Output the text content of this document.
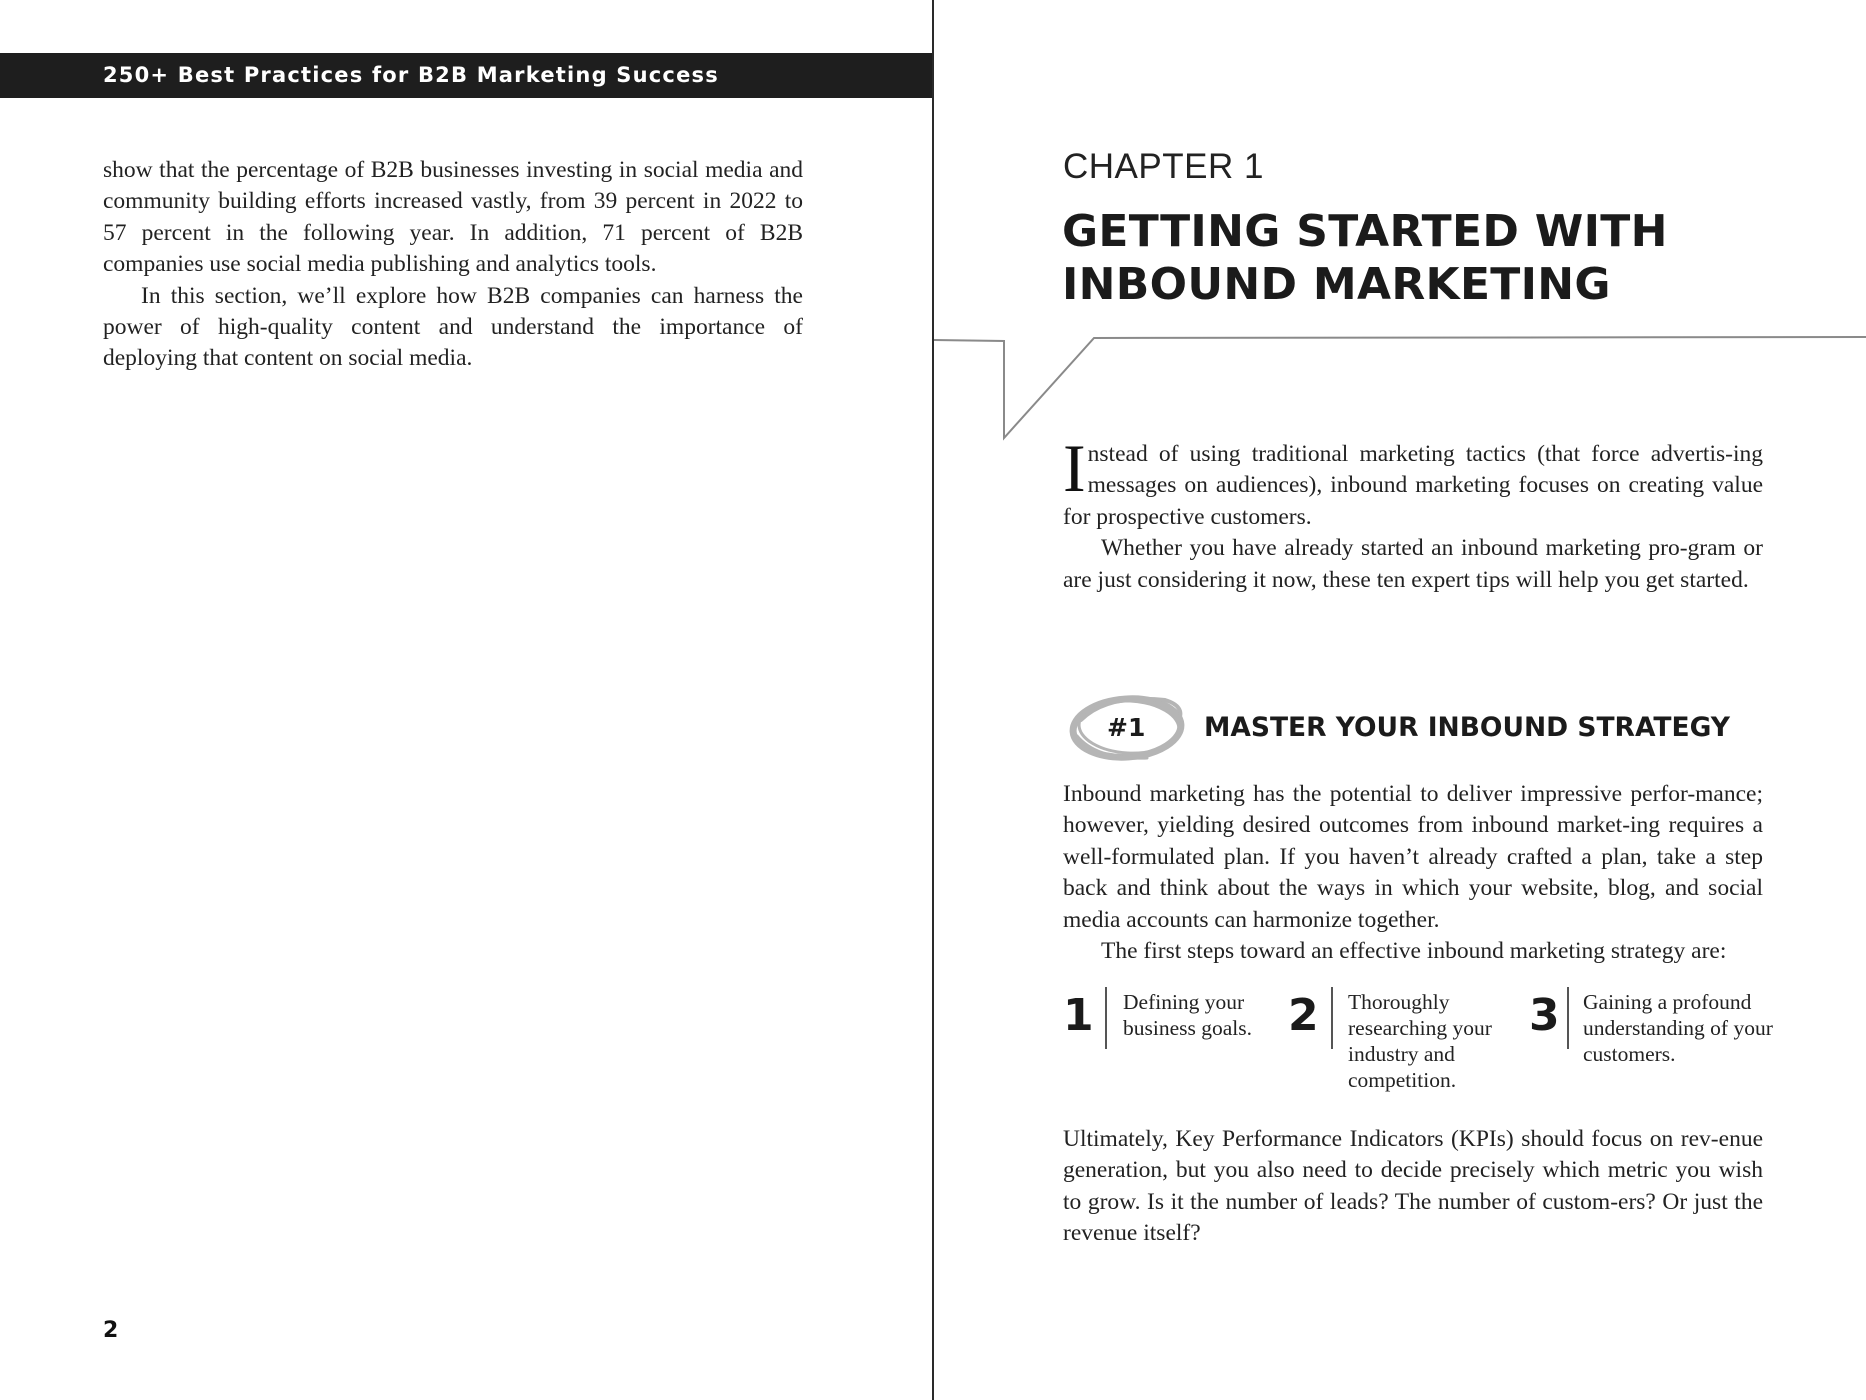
250+ Best Practices for B2B Marketing Success

show that the percentage of B2B businesses investing in social media and community building efforts increased vastly, from 39 percent in 2022 to 57 percent in the following year. In addition, 71 percent of B2B companies use social media publishing and analytics tools.

In this section, we’ll explore how B2B companies can harness the power of high-quality content and understand the importance of deploying that content on social media.

2
CHAPTER 1
GETTING STARTED WITH INBOUND MARKETING

Instead of using traditional marketing tactics (that force advertis-ing messages on audiences), inbound marketing focuses on creating value for prospective customers.

Whether you have already started an inbound marketing pro-gram or are just considering it now, these ten expert tips will help you get started.

#1 MASTER YOUR INBOUND STRATEGY

Inbound marketing has the potential to deliver impressive perfor-mance; however, yielding desired outcomes from inbound market-ing requires a well-formulated plan. If you haven’t already crafted a plan, take a step back and think about the ways in which your website, blog, and social media accounts can harmonize together.

The first steps toward an effective inbound marketing strategy are:

1 Defining your business goals. 2 Thoroughly researching your industry and competition.
3 Gaining a profound understanding of your customers.

Ultimately, Key Performance Indicators (KPIs) should focus on rev-enue generation, but you also need to decide precisely which metric you wish to grow. Is it the number of leads? The number of custom-ers? Or just the revenue itself?
